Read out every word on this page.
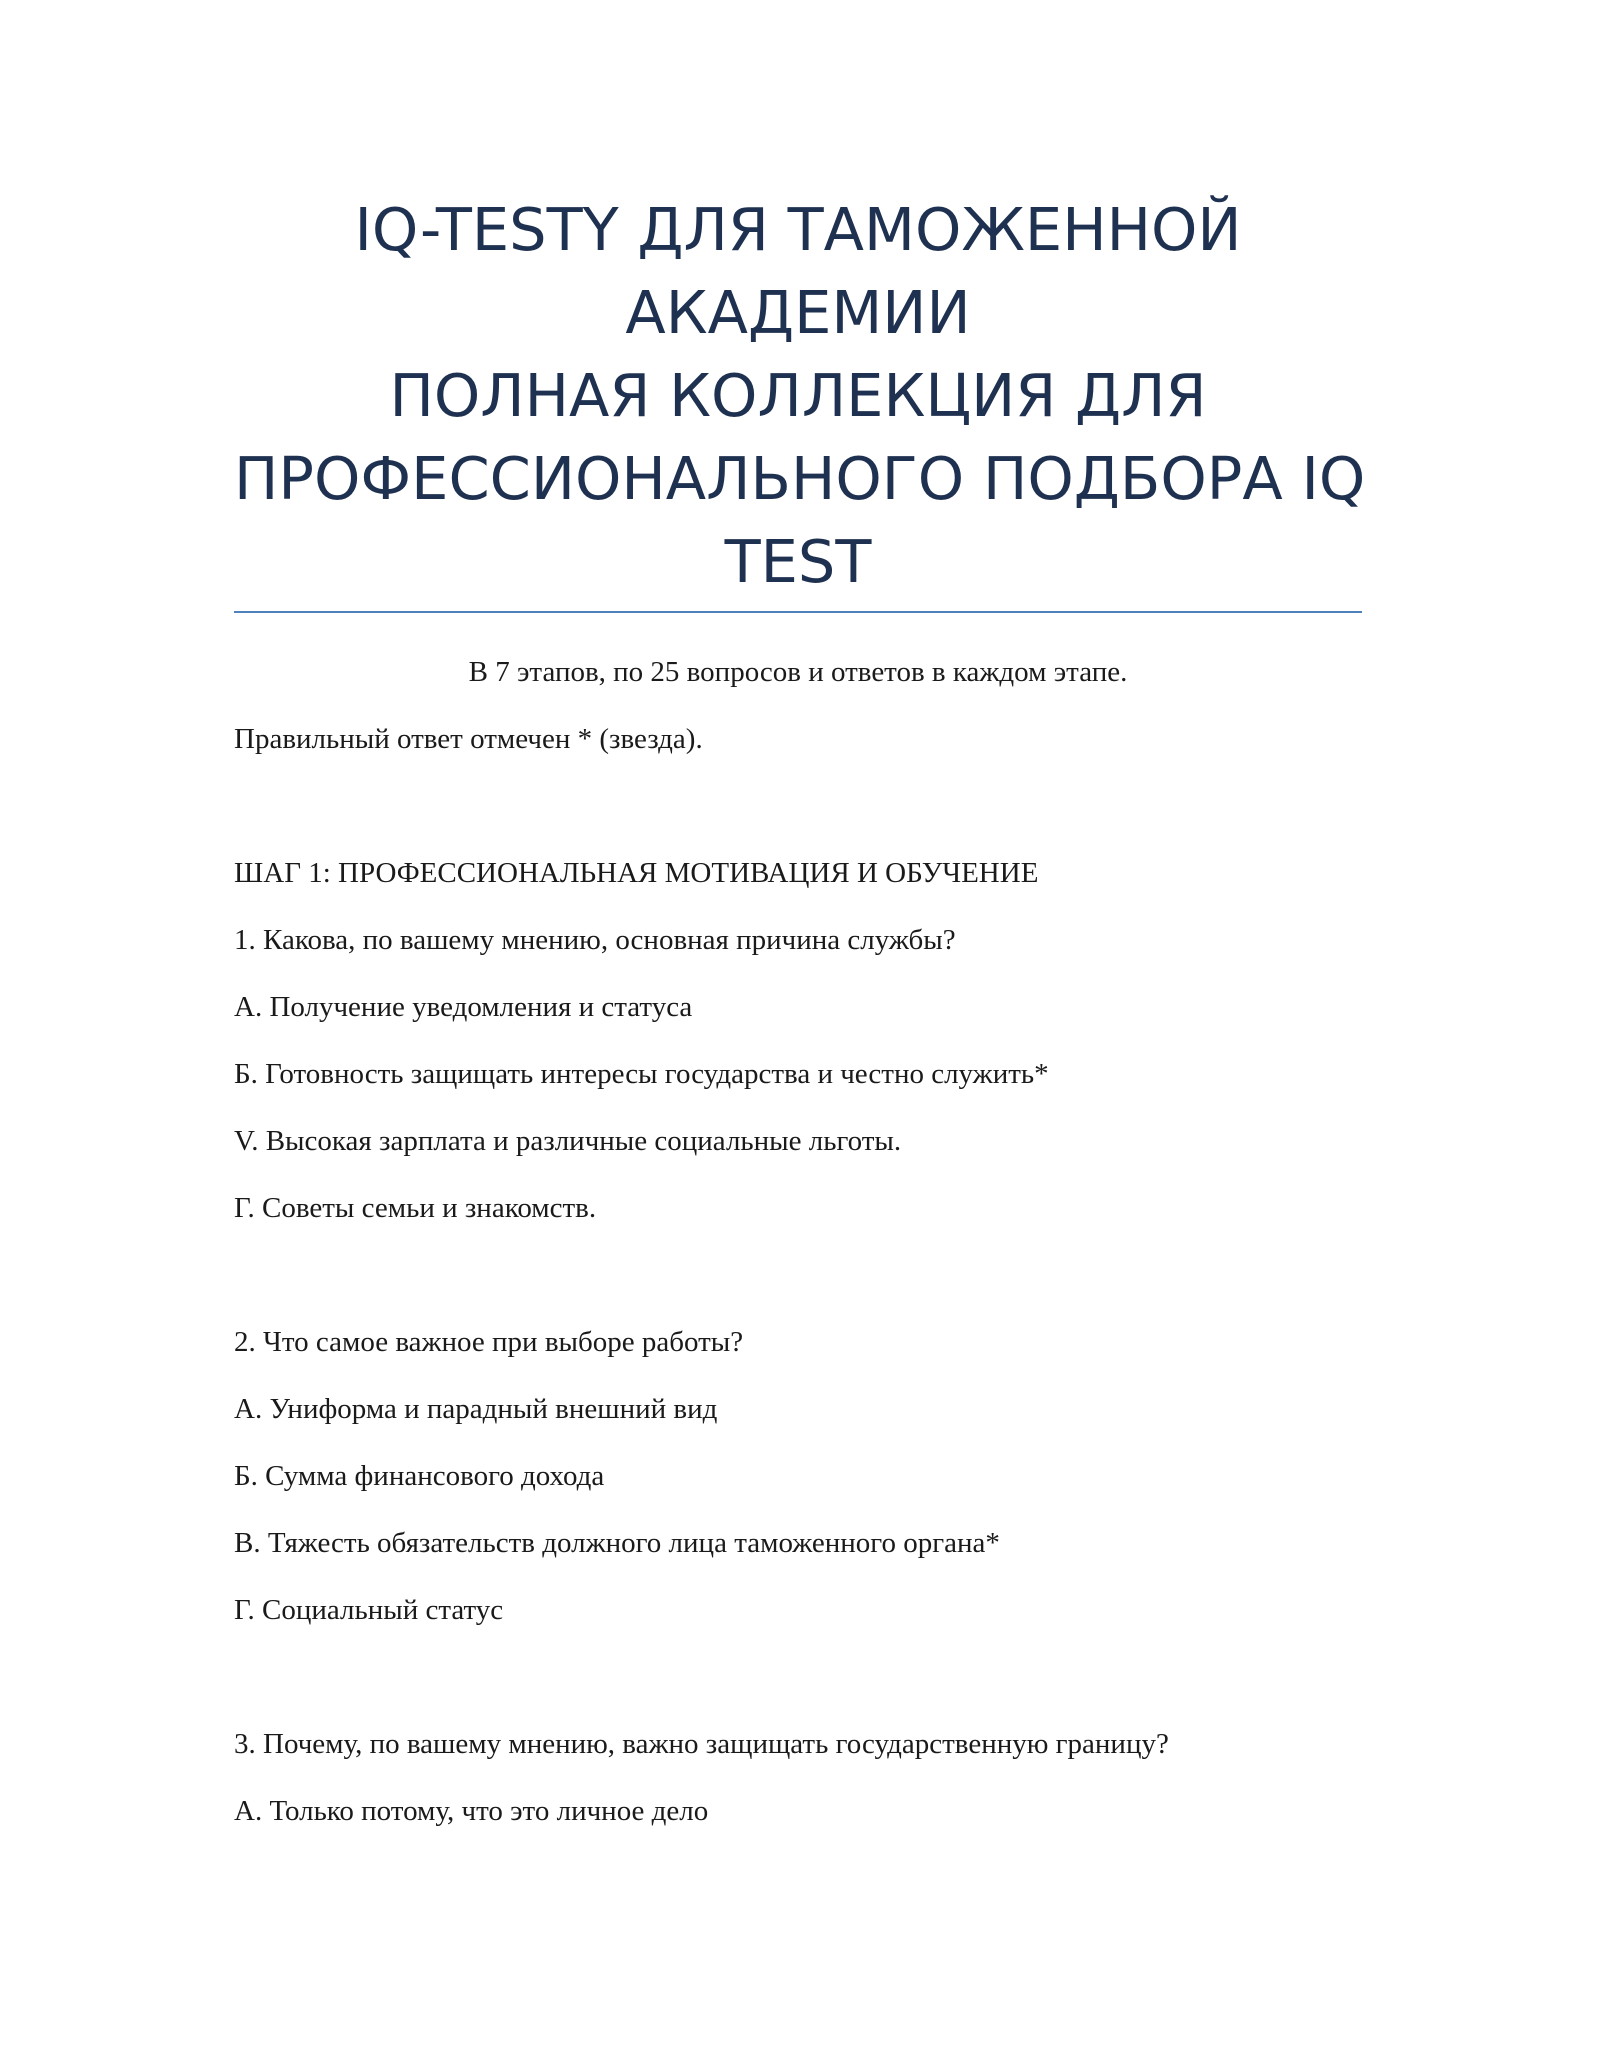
IQ-TESTY ДЛЯ ТАМОЖЕННОЙ
АКАДЕМИИ
ПОЛНАЯ КОЛЛЕКЦИЯ ДЛЯ
ПРОФЕССИОНАЛЬНОГО ПОДБОРА IQ
TEST
В 7 этапов, по 25 вопросов и ответов в каждом этапе.
Правильный ответ отмечен * (звезда).
ШАГ 1: ПРОФЕССИОНАЛЬНАЯ МОТИВАЦИЯ И ОБУЧЕНИЕ
1. Какова, по вашему мнению, основная причина службы?
А. Получение уведомления и статуса
Б. Готовность защищать интересы государства и честно служить*
V. Высокая зарплата и различные социальные льготы.
Г. Советы семьи и знакомств.
2. Что самое важное при выборе работы?
А. Униформа и парадный внешний вид
Б. Сумма финансового дохода
В. Тяжесть обязательств должного лица таможенного органа*
Г. Социальный статус
3. Почему, по вашему мнению, важно защищать государственную границу?
А. Только потому, что это личное дело
